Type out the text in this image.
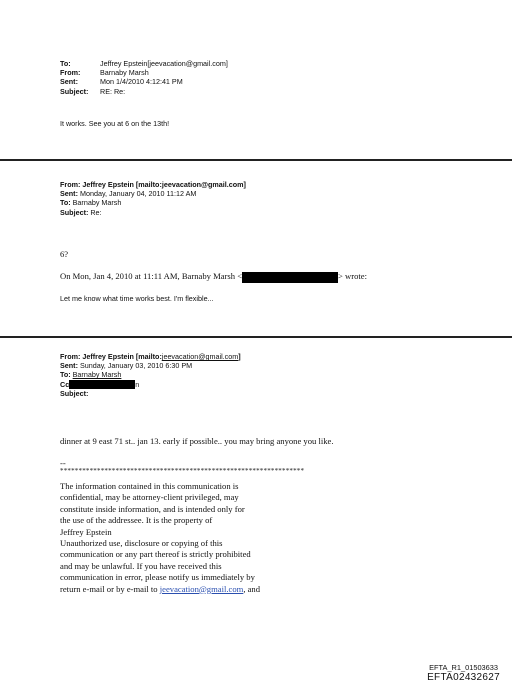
To:	Jeffrey Epstein[jeevacation@gmail.com]
From:	Barnaby Marsh
Sent:	Mon 1/4/2010 4:12:41 PM
Subject:	RE: Re:
It works. See you at 6 on the 13th!
From: Jeffrey Epstein [mailto:jeevacation@gmail.com]
Sent: Monday, January 04, 2010 11:12 AM
To: Barnaby Marsh
Subject: Re:
6?
On Mon, Jan 4, 2010 at 11:11 AM, Barnaby Marsh <	> wrote:
Let me know what time works best. I'm flexible...
From: Jeffrey Epstein [mailto:jeevacation@gmail.com]
Sent: Sunday, January 03, 2010 6:30 PM
To: Barnaby Marsh
Cc	n
Subject:
dinner at 9 east 71 st.. jan 13. early if possible.. you may bring anyone you like.
--
******************************************************************
The information contained in this communication is
confidential, may be attorney-client privileged, may
constitute inside information, and is intended only for
the use of the addressee. It is the property of
Jeffrey Epstein
Unauthorized use, disclosure or copying of this
communication or any part thereof is strictly prohibited
and may be unlawful. If you have received this
communication in error, please notify us immediately by
return e-mail or by e-mail to jeevacation@gmail.com, and
EFTA_R1_01503633
EFTA02432627
